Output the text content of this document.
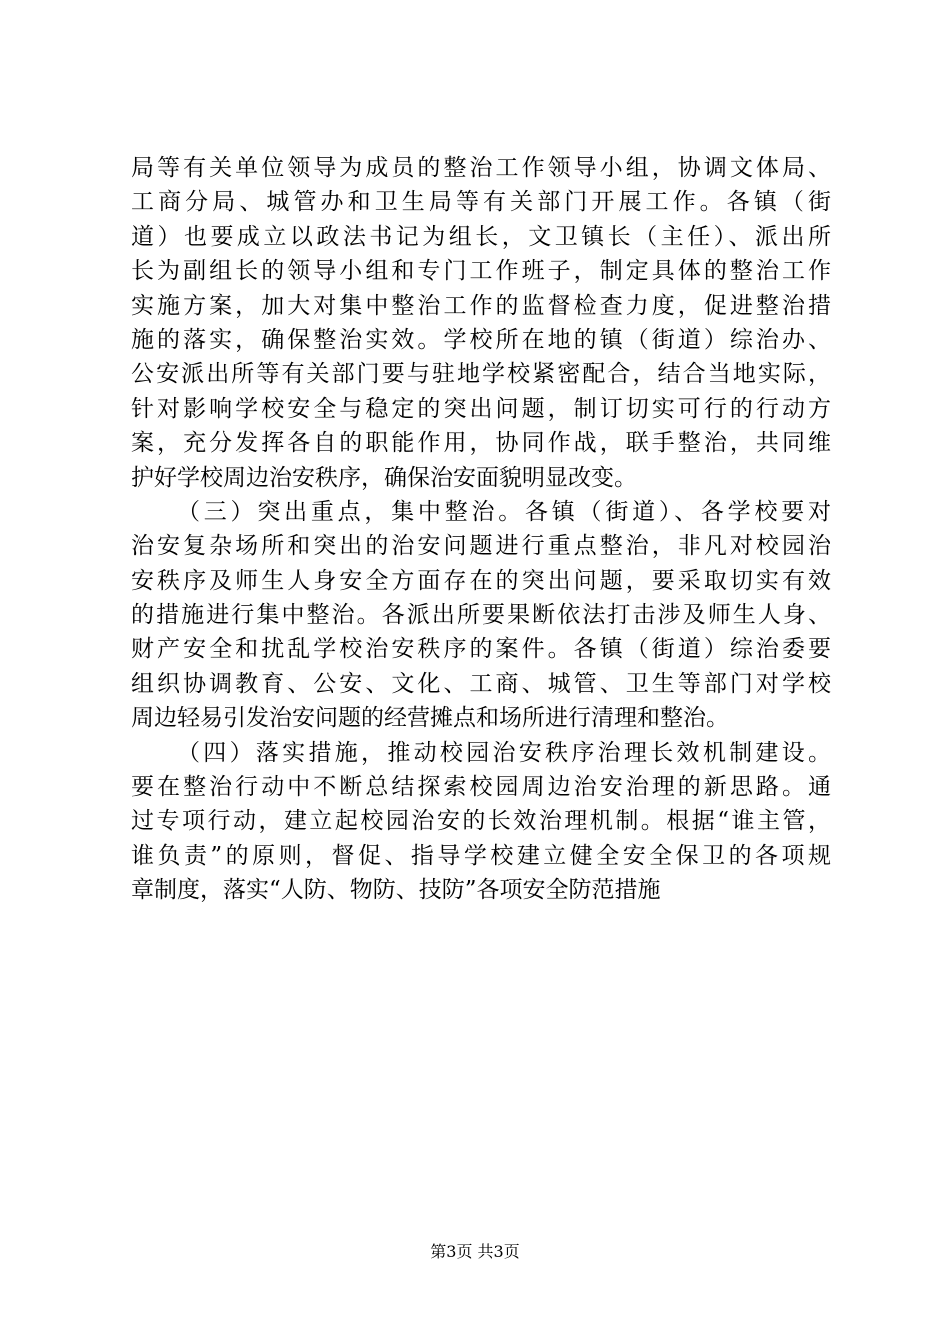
局等有关单位领导为成员的整治工作领导小组，协调文体局、
工商分局、城管办和卫生局等有关部门开展工作。各镇（街
道）也要成立以政法书记为组长，文卫镇长（主任）、派出所
长为副组长的领导小组和专门工作班子，制定具体的整治工作
实施方案，加大对集中整治工作的监督检查力度，促进整治措
施的落实，确保整治实效。学校所在地的镇（街道）综治办、
公安派出所等有关部门要与驻地学校紧密配合，结合当地实际，
针对影响学校安全与稳定的突出问题，制订切实可行的行动方
案，充分发挥各自的职能作用，协同作战，联手整治，共同维
护好学校周边治安秩序，确保治安面貌明显改变。
（三）突出重点，集中整治。各镇（街道）、各学校要对
治安复杂场所和突出的治安问题进行重点整治，非凡对校园治
安秩序及师生人身安全方面存在的突出问题，要采取切实有效
的措施进行集中整治。各派出所要果断依法打击涉及师生人身、
财产安全和扰乱学校治安秩序的案件。各镇（街道）综治委要
组织协调教育、公安、文化、工商、城管、卫生等部门对学校
周边轻易引发治安问题的经营摊点和场所进行清理和整治。
（四）落实措施，推动校园治安秩序治理长效机制建设。
要在整治行动中不断总结探索校园周边治安治理的新思路。通
过专项行动，建立起校园治安的长效治理机制。根据“谁主管，
谁负责”的原则，督促、指导学校建立健全安全保卫的各项规
章制度，落实“人防、物防、技防”各项安全防范措施
第3页 共3页
